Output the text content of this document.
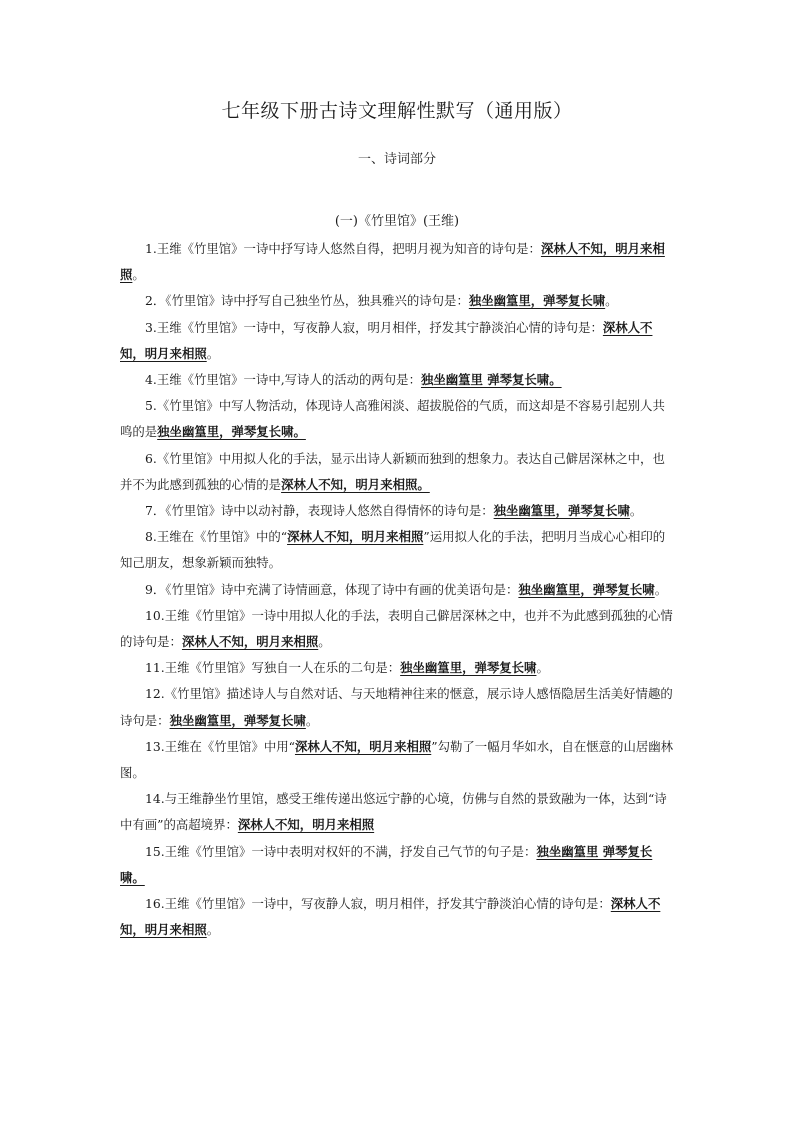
七年级下册古诗文理解性默写（通用版）
一、诗词部分
(一)《竹里馆》(王维)

1.王维《竹里馆》一诗中抒写诗人悠然自得，把明月视为知音的诗句是：深林人不知，明月来相照。

2．《竹里馆》诗中抒写自己独坐竹丛，独具雅兴的诗句是：独坐幽篁里，弹琴复长啸。

3.王维《竹里馆》一诗中，写夜静人寂，明月相伴，抒发其宁静淡泊心情的诗句是：深林人不知，明月来相照。

4.王维《竹里馆》一诗中,写诗人的活动的两句是：独坐幽篁里 弹琴复长啸。

5.《竹里馆》中写人物活动，体现诗人高雅闲淡、超拔脱俗的气质，而这却是不容易引起别人共鸣的是独坐幽篁里，弹琴复长啸。

6.《竹里馆》中用拟人化的手法，显示出诗人新颖而独到的想象力。表达自己僻居深林之中，也并不为此感到孤独的心情的是深林人不知，明月来相照。

7．《竹里馆》诗中以动衬静，表现诗人悠然自得情怀的诗句是：独坐幽篁里，弹琴复长啸。

8.王维在《竹里馆》中的“深林人不知，明月来相照”运用拟人化的手法，把明月当成心心相印的知己朋友，想象新颖而独特。

9．《竹里馆》诗中充满了诗情画意，体现了诗中有画的优美语句是：独坐幽篁里，弹琴复长啸。

10.王维《竹里馆》一诗中用拟人化的手法，表明自己僻居深林之中，也并不为此感到孤独的心情的诗句是：深林人不知，明月来相照。

11.王维《竹里馆》写独自一人在乐的二句是：独坐幽篁里，弹琴复长啸。

12.《竹里馆》描述诗人与自然对话、与天地精神往来的惬意，展示诗人感悟隐居生活美好情趣的诗句是：独坐幽篁里，弹琴复长啸。

13.王维在《竹里馆》中用“深林人不知，明月来相照”勾勒了一幅月华如水，自在惬意的山居幽林图。

14.与王维静坐竹里馆，感受王维传递出悠远宁静的心境，仿佛与自然的景致融为一体，达到“诗中有画”的高超境界：深林人不知，明月来相照

15.王维《竹里馆》一诗中表明对权奸的不满，抒发自己气节的句子是：独坐幽篁里 弹琴复长啸。

16.王维《竹里馆》一诗中，写夜静人寂，明月相伴，抒发其宁静淡泊心情的诗句是：深林人不知，明月来相照。
